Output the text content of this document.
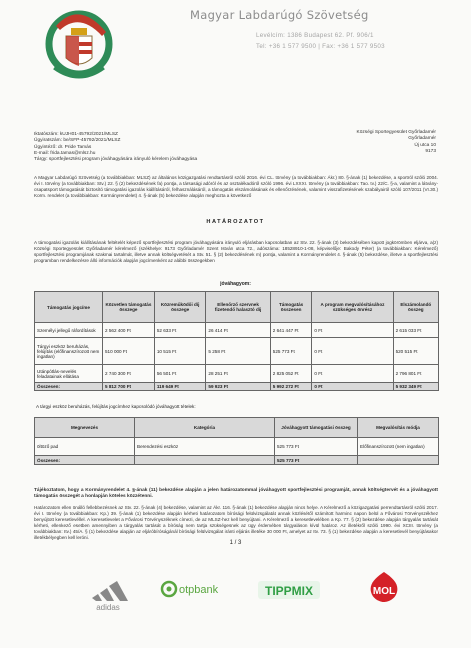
Magyar Labdarúgó Szövetség
Levélcím: 1386 Budapest 62. Pf. 906/1
Tel: +36 1 577 9500 | Fax: +36 1 577 9503
Iktatószám: kUJH01-45792/2021/MLSZ
Ügyiratszám: be/SFP-45792/2021/MLSZ
Ügyintéző: dr. Pride Tamás
E-mail: frida.tamas@mlsz.hu
Tárgy: sportfejlesztési program jóváhagyására irányuló kérelem jóváhagyása
Községi Sportegyesület Győrladamér
Győrladamér
Új utca 10
9173
A Magyar Labdarúgó Szövetség (a továbbiakban: MLSZ) az általános közigazgatási rendtartásról szóló 2016. évi CL. törvény (a továbbiakban: Ákr.) 80. §-ának (1) bekezdése, a sportról szóló 2004. évi I. törvény (a továbbiakban: Stv.) 22. § (2) bekezdésének fa) pontja, a társasági adóról és az osztalékadóról szóló 1996. évi LXXXI. törvény (a továbbiakban: Tao. tv.) 22/C. §-a, valamint a látvány-csapatsport támogatását biztosító támogatási igazolás kiállításáról, felhasználásáról, a támogatás elszámolásának és ellenőrzésének, valamint visszafizetésének szabályairól szóló 107/2011 (VI.30.) Korm. rendelet (a továbbiakban: Kormányrendelet) 4. §-ának (5) bekezdése alapján meghozta a következő
HATÁROZATOT
A támogatási igazolás kiállításának feltételét képező sportfejlesztési program jóváhagyására irányuló eljárásban kapcsolatban az Stv. 22. §-ának (3) bekezdésében kapott jogkörömben eljárva, a(z) Községi Sportegyesület Győrladamér kérelmező (székhelye: 9173 Győrladamér Szent István utca 72., adószáma: 18528910-1-08, képviselője: Bakody Péter) (a továbbiakban: Kérelmező) sportfejlesztési programjának szakmai tartalmát, illetve annak költségvetését a Stv. 51. § (2) bekezdésének m) pontja, valamint a Kormányrendelet 4. §-ának (5) bekezdése, illetve a sportfejlesztési programban rendelkezésre álló információk alapján jogcímenként az alábbi összegekben
jóváhagyom:
Támogatás jogcíme	Közvetlen támogatás összege	Közreműködői díj összege	Ellenőrző szervnek fizetendő halasztó díj	Támogatás összesen	A program megvalósításához szükséges önrész	Elszámolandó összeg
Személyi jellegű ráfordítások	2 562 400 Ft	52 633 Ft	26 414 Ft	2 641 447 Ft	0 Ft	2 615 033 Ft
Tárgyi eszköz beruházás, felújítás (előfinanszírozott nem ingatlan)	510 000 Ft	10 515 Ft	5 258 Ft	525 773 Ft	0 Ft	520 515 Ft
Utánpótlás-nevelés feladatainak ellátása	2 740 300 Ft	56 501 Ft	28 251 Ft	2 825 052 Ft	0 Ft	2 796 801 Ft
Összesen:	5 812 700 Ft	119 649 Ft	59 923 Ft	5 992 272 Ft	0 Ft	5 932 349 Ft
A tárgyi eszköz beruházás, felújítás jogcímhez kapcsolódó jóváhagyott tételek:
Megnevezés	Kategória	Jóváhagyott támogatási összeg	Megvalósítás módja
öltöző pad	Berendezési eszköz	525 773 Ft	Előfinanszírozott (nem ingatlan)
Összesen:		525 773 Ft	
Tájékoztatom, hogy a Kormányrendelet 4. §-ának (11) bekezdése alapján a jelen határozatommal jóváhagyott sportfejlesztési programját, annak költségtervét és a jóváhagyott támogatás összegét a honlapján köteles közzétenni.
Határozatom ellen önálló fellebbezésnek az Stv. 22. §-ának (4) bekezdése, valamint az Ákr. 116. §-ának (1) bekezdése alapján nincs helye. A Kérelmező a közigazgatási perrendtartásról szóló 2017. évi I. törvény (a továbbiakban: Kp.) 39. §-ának (1) bekezdése alapján kérheti határozatom bírósági felülvizsgálatát annak közlésétől számított harminc napon belül a Fővárosi Törvényszékhez benyújtott keresetlevéllel. A keresetlevelet a Fővárosi Törvényszéknek címezi, de az MLSZ-hez kell benyújtani. A Kérelmező a keresetlevelében a Kp. 77. § (2) bekezdése alapján tárgyalás tartását kérheti, ellenkező esetben amennyiben a tárgyalás tartását a bíróság nem tartja szükségesnek az ügy érdemében tárgyaláson kívül határoz. Az illetékről szóló 1990. évi XCIII. törvény (a továbbiakban: Itv.) 45/A. § (1) bekezdése alapján az eljáróbíróságánál bírósági felülvizsgálat iránti eljárás illetéke 30 000 Ft, amelyet az Itv. 73. § (1) bekezdése alapján a keresetlevél benyújtásakor illetékbélyegben kell leróni.
1 / 3
adidas
otpbank	TIPPMIX	MOL
